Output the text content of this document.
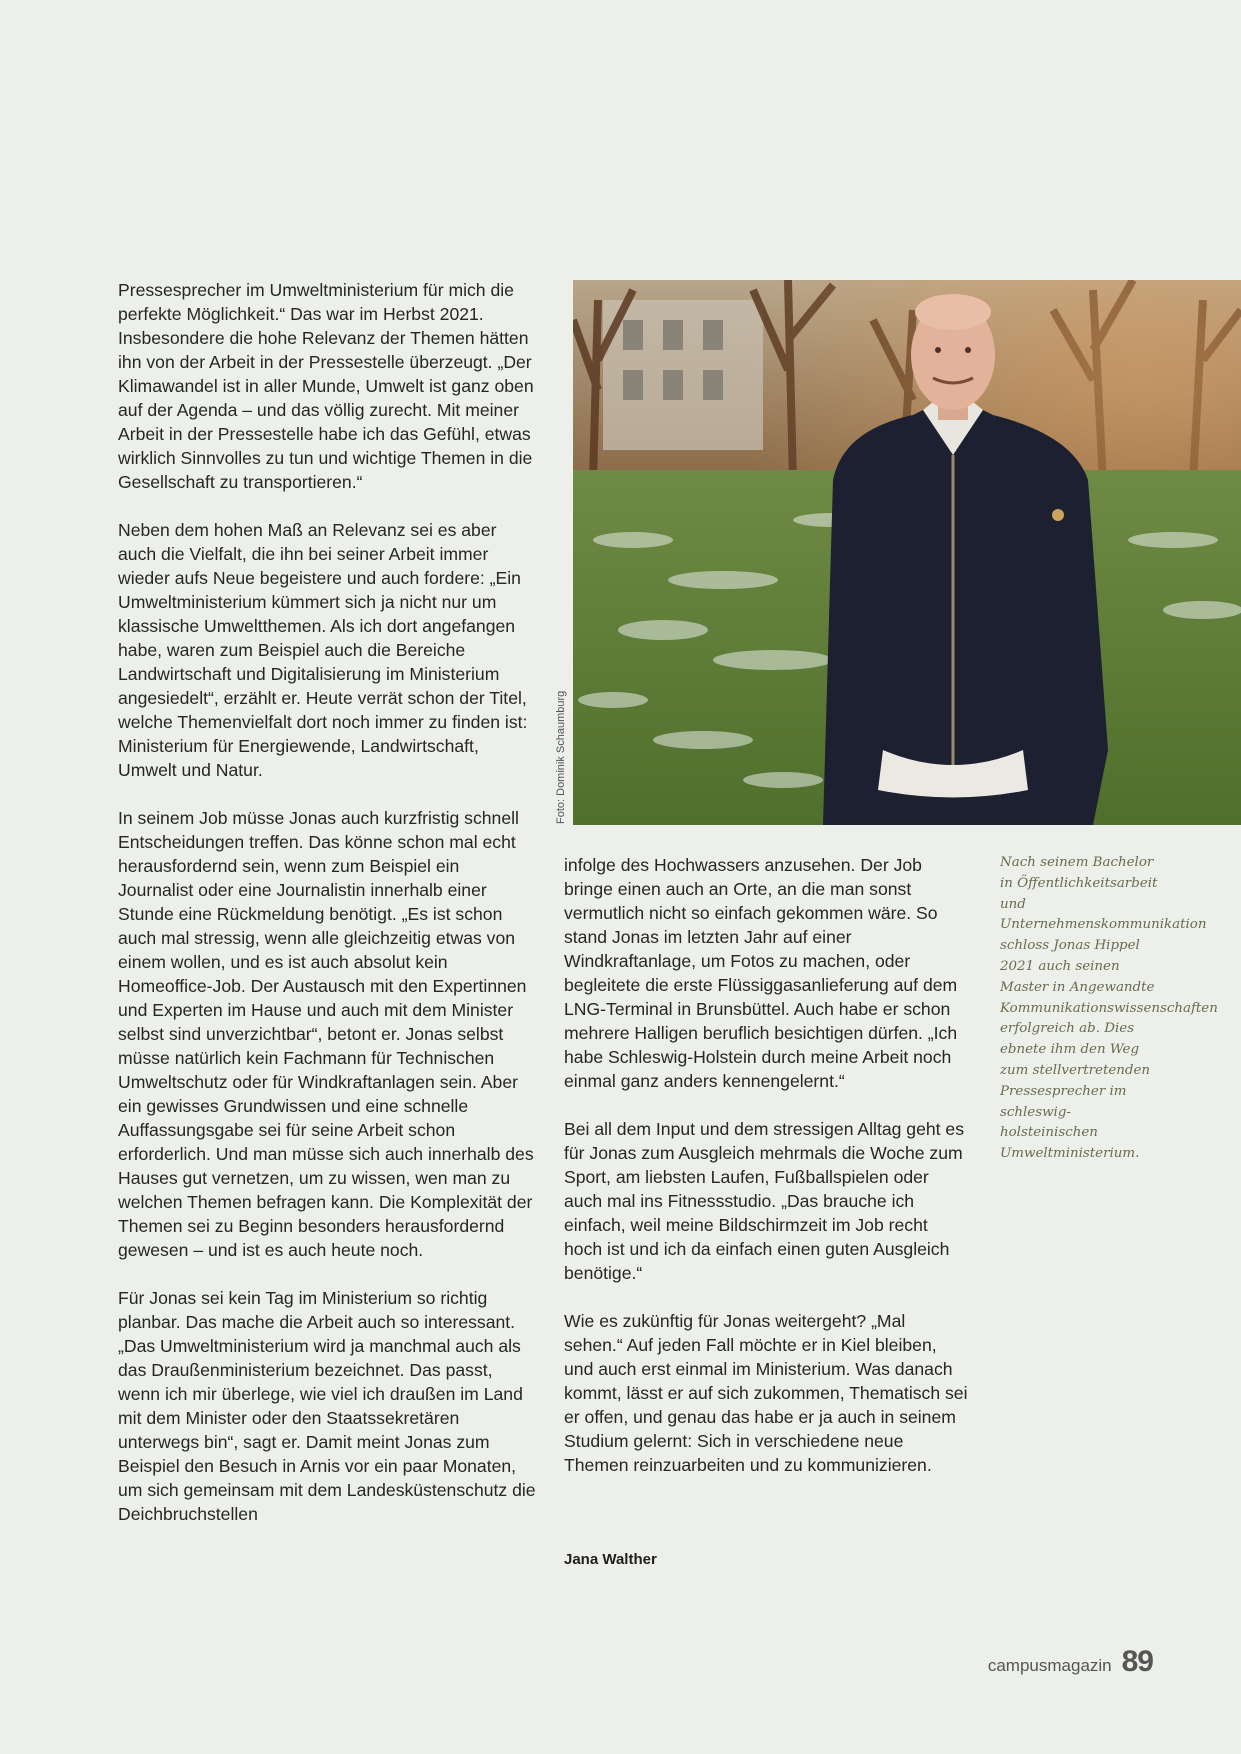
Pressesprecher im Umweltministerium für mich die perfekte Möglichkeit.“ Das war im Herbst 2021. Insbesondere die hohe Relevanz der Themen hätten ihn von der Arbeit in der Pressestelle überzeugt. „Der Klimawandel ist in aller Munde, Umwelt ist ganz oben auf der Agenda – und das völlig zurecht. Mit meiner Arbeit in der Pressestelle habe ich das Gefühl, etwas wirklich Sinnvolles zu tun und wichtige Themen in die Gesellschaft zu transportieren.“

Neben dem hohen Maß an Relevanz sei es aber auch die Vielfalt, die ihn bei seiner Arbeit immer wieder aufs Neue begeistere und auch fordere: „Ein Umweltministerium kümmert sich ja nicht nur um klassische Umweltthemen. Als ich dort angefangen habe, waren zum Beispiel auch die Bereiche Landwirtschaft und Digitalisierung im Ministerium angesiedelt“, erzählt er. Heute verrät schon der Titel, welche Themenvielfalt dort noch immer zu finden ist: Ministerium für Energiewende, Landwirtschaft, Umwelt und Natur.

In seinem Job müsse Jonas auch kurzfristig schnell Entscheidungen treffen. Das könne schon mal echt herausfordernd sein, wenn zum Beispiel ein Journalist oder eine Journalistin innerhalb einer Stunde eine Rückmeldung benötigt. „Es ist schon auch mal stressig, wenn alle gleichzeitig etwas von einem wollen, und es ist auch absolut kein Homeoffice-Job. Der Austausch mit den Expertinnen und Experten im Hause und auch mit dem Minister selbst sind unverzichtbar“, betont er. Jonas selbst müsse natürlich kein Fachmann für Technischen Umweltschutz oder für Windkraftanlagen sein. Aber ein gewisses Grundwissen und eine schnelle Auffassungsgabe sei für seine Arbeit schon erforderlich. Und man müsse sich auch innerhalb des Hauses gut vernetzen, um zu wissen, wen man zu welchen Themen befragen kann. Die Komplexität der Themen sei zu Beginn besonders herausfordernd gewesen – und ist es auch heute noch.

Für Jonas sei kein Tag im Ministerium so richtig planbar. Das mache die Arbeit auch so interessant. „Das Umweltministerium wird ja manchmal auch als das Draußenministerium bezeichnet. Das passt, wenn ich mir überlege, wie viel ich draußen im Land mit dem Minister oder den Staatssekretären unterwegs bin“, sagt er. Damit meint Jonas zum Beispiel den Besuch in Arnis vor ein paar Monaten, um sich gemeinsam mit dem Landesküstenschutz die Deichbruchstellen

Foto: Dominik Schaumburg

infolge des Hochwassers anzusehen. Der Job bringe einen auch an Orte, an die man sonst vermutlich nicht so einfach gekommen wäre. So stand Jonas im letzten Jahr auf einer Windkraftanlage, um Fotos zu machen, oder begleitete die erste Flüssiggasanlieferung auf dem LNG-Terminal in Brunsbüttel. Auch habe er schon mehrere Halligen beruflich besichtigen dürfen. „Ich habe Schleswig-Holstein durch meine Arbeit noch einmal ganz anders kennengelernt.“

Bei all dem Input und dem stressigen Alltag geht es für Jonas zum Ausgleich mehrmals die Woche zum Sport, am liebsten Laufen, Fußballspielen oder auch mal ins Fitnessstudio. „Das brauche ich einfach, weil meine Bildschirmzeit im Job recht hoch ist und ich da einfach einen guten Ausgleich benötige.“

Wie es zukünftig für Jonas weitergeht? „Mal sehen.“ Auf jeden Fall möchte er in Kiel bleiben, und auch erst einmal im Ministerium. Was danach kommt, lässt er auf sich zukommen, Thematisch sei er offen, und genau das habe er ja auch in seinem Studium gelernt: Sich in verschiedene neue Themen reinzuarbeiten und zu kommunizieren.

Jana Walther
Nach seinem Bachelor in Öffentlichkeitsarbeit und Unternehmenskommunikation schloss Jonas Hippel 2021 auch seinen Master in Angewandte Kommunikationswissenschaften erfolgreich ab. Dies ebnete ihm den Weg zum stellvertretenden Pressesprecher im schleswig-holsteinischen Umweltministerium.
campusmagazin 89
